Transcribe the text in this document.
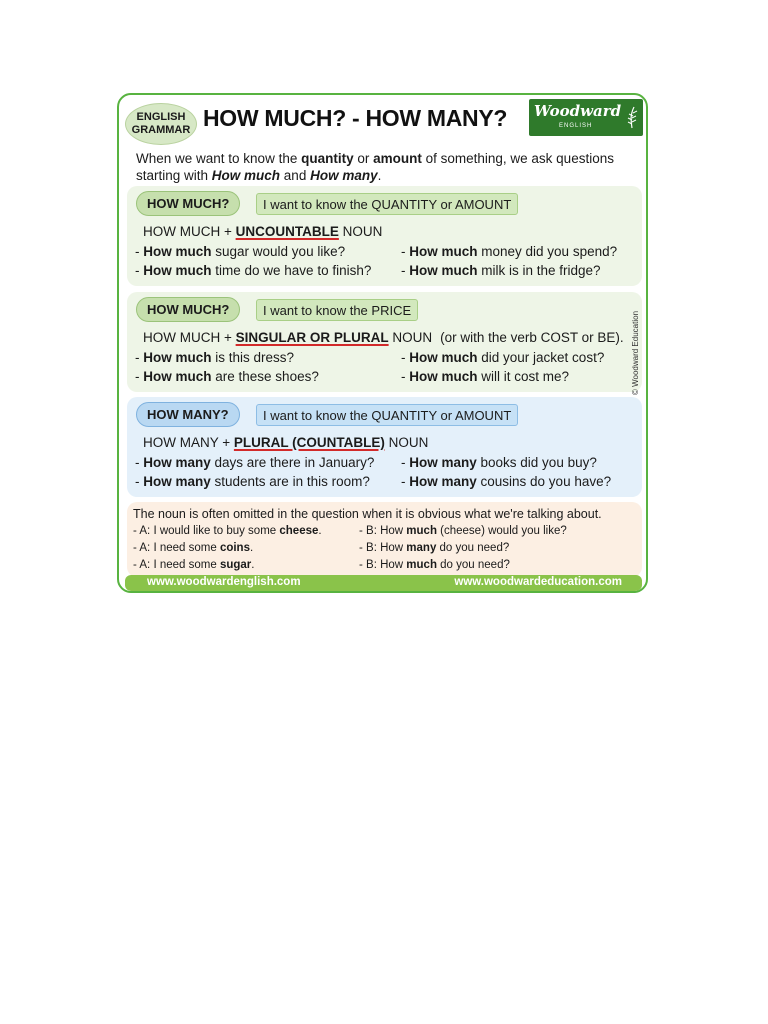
ENGLISH
GRAMMAR HOW MUCH? - HOW MANY? Woodward
ENGLISH
When we want to know the quantity or amount of something, we ask questions starting with How much and How many.
HOW MUCH?	I want to know the QUANTITY or AMOUNT
HOW MUCH + UNCOUNTABLE NOUN
- How much sugar would you like?	- How much money did you spend?
- How much time do we have to finish? - How much milk is in the fridge?
HOW MUCH?	I want to know the PRICE
HOW MUCH + SINGULAR OR PLURAL NOUN (or with the verb COST or BE).
- How much is this dress?	- How much did your jacket cost?
- How much are these shoes?	- How much will it cost me?
HOW MANY?	I want to know the QUANTITY or AMOUNT
HOW MANY + PLURAL (COUNTABLE) NOUN
- How many days are there in January? - How many books did you buy?
- How many students are in this room? - How many cousins do you have?
The noun is often omitted in the question when it is obvious what we're talking about.
- A: I would like to buy some cheese.	- B: How much (cheese) would you like?
- A: I need some coins.	- B: How many do you need?
- A: I need some sugar.	- B: How much do you need?
www.woodwardenglish.com	www.woodwardeducation.com
© Woodward Education
